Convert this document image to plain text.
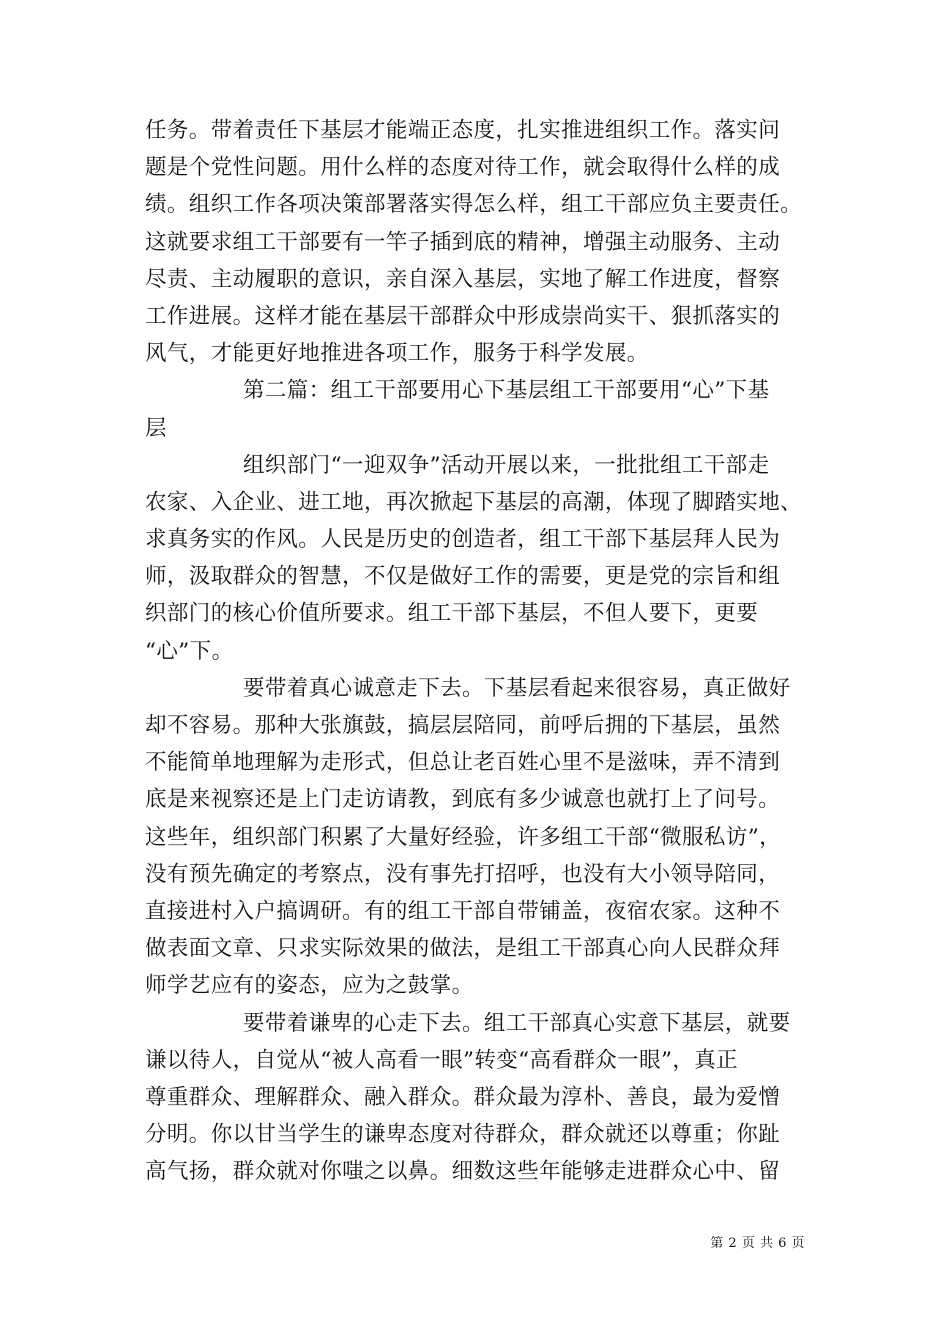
任务。带着责任下基层才能端正态度，扎实推进组织工作。落实问
题是个党性问题。用什么样的态度对待工作，就会取得什么样的成
绩。组织工作各项决策部署落实得怎么样，组工干部应负主要责任。
这就要求组工干部要有一竿子插到底的精神，增强主动服务、主动
尽责、主动履职的意识，亲自深入基层，实地了解工作进度，督察
工作进展。这样才能在基层干部群众中形成崇尚实干、狠抓落实的
风气，才能更好地推进各项工作，服务于科学发展。
第二篇：组工干部要用心下基层组工干部要用“心”下基
层
组织部门“一迎双争”活动开展以来，一批批组工干部走
农家、入企业、进工地，再次掀起下基层的高潮，体现了脚踏实地、
求真务实的作风。人民是历史的创造者，组工干部下基层拜人民为
师，汲取群众的智慧，不仅是做好工作的需要，更是党的宗旨和组
织部门的核心价值所要求。组工干部下基层，不但人要下，更要
“心”下。
要带着真心诚意走下去。下基层看起来很容易，真正做好
却不容易。那种大张旗鼓，搞层层陪同，前呼后拥的下基层，虽然
不能简单地理解为走形式，但总让老百姓心里不是滋味，弄不清到
底是来视察还是上门走访请教，到底有多少诚意也就打上了问号。
这些年，组织部门积累了大量好经验，许多组工干部“微服私访”，
没有预先确定的考察点，没有事先打招呼，也没有大小领导陪同，
直接进村入户搞调研。有的组工干部自带铺盖，夜宿农家。这种不
做表面文章、只求实际效果的做法，是组工干部真心向人民群众拜
师学艺应有的姿态，应为之鼓掌。
要带着谦卑的心走下去。组工干部真心实意下基层，就要
谦以待人，自觉从“被人高看一眼”转变“高看群众一眼”，真正
尊重群众、理解群众、融入群众。群众最为淳朴、善良，最为爱憎
分明。你以甘当学生的谦卑态度对待群众，群众就还以尊重；你趾
高气扬，群众就对你嗤之以鼻。细数这些年能够走进群众心中、留
第 2 页 共 6 页
